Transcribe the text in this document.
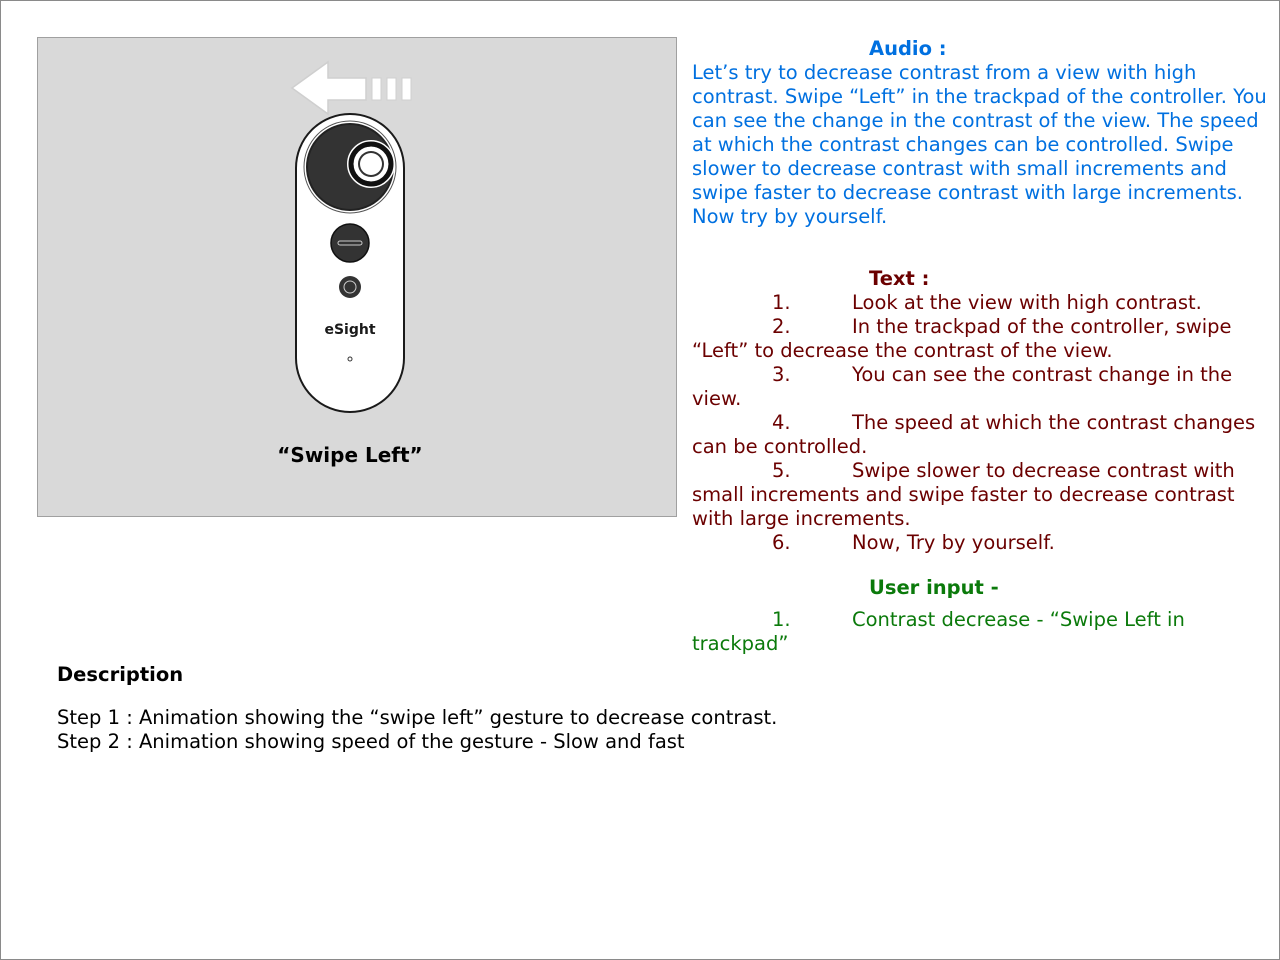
eSight
“Swipe Left”
Audio :
Let’s try to decrease contrast from a view with high contrast. Swipe “Left” in the trackpad of the controller. You can see the change in the contrast of the view. The speed at which the contrast changes can be controlled. Swipe slower to decrease contrast with small increments and swipe faster to decrease contrast with large increments. Now try by yourself.
Text :
1.	Look at the view with high contrast.
2.	In the trackpad of the controller, swipe “Left” to decrease the contrast of the view.
3.	You can see the contrast change in the view.
4.	The speed at which the contrast changes can be controlled.
5.	Swipe slower to decrease contrast with small increments and swipe faster to decrease contrast with large increments.
6.	Now, Try by yourself.
User input -
1.	Contrast decrease - “Swipe Left in trackpad”
Description
Step 1 : Animation showing the “swipe left” gesture to decrease contrast.
Step 2 : Animation showing speed of the gesture - Slow and fast
